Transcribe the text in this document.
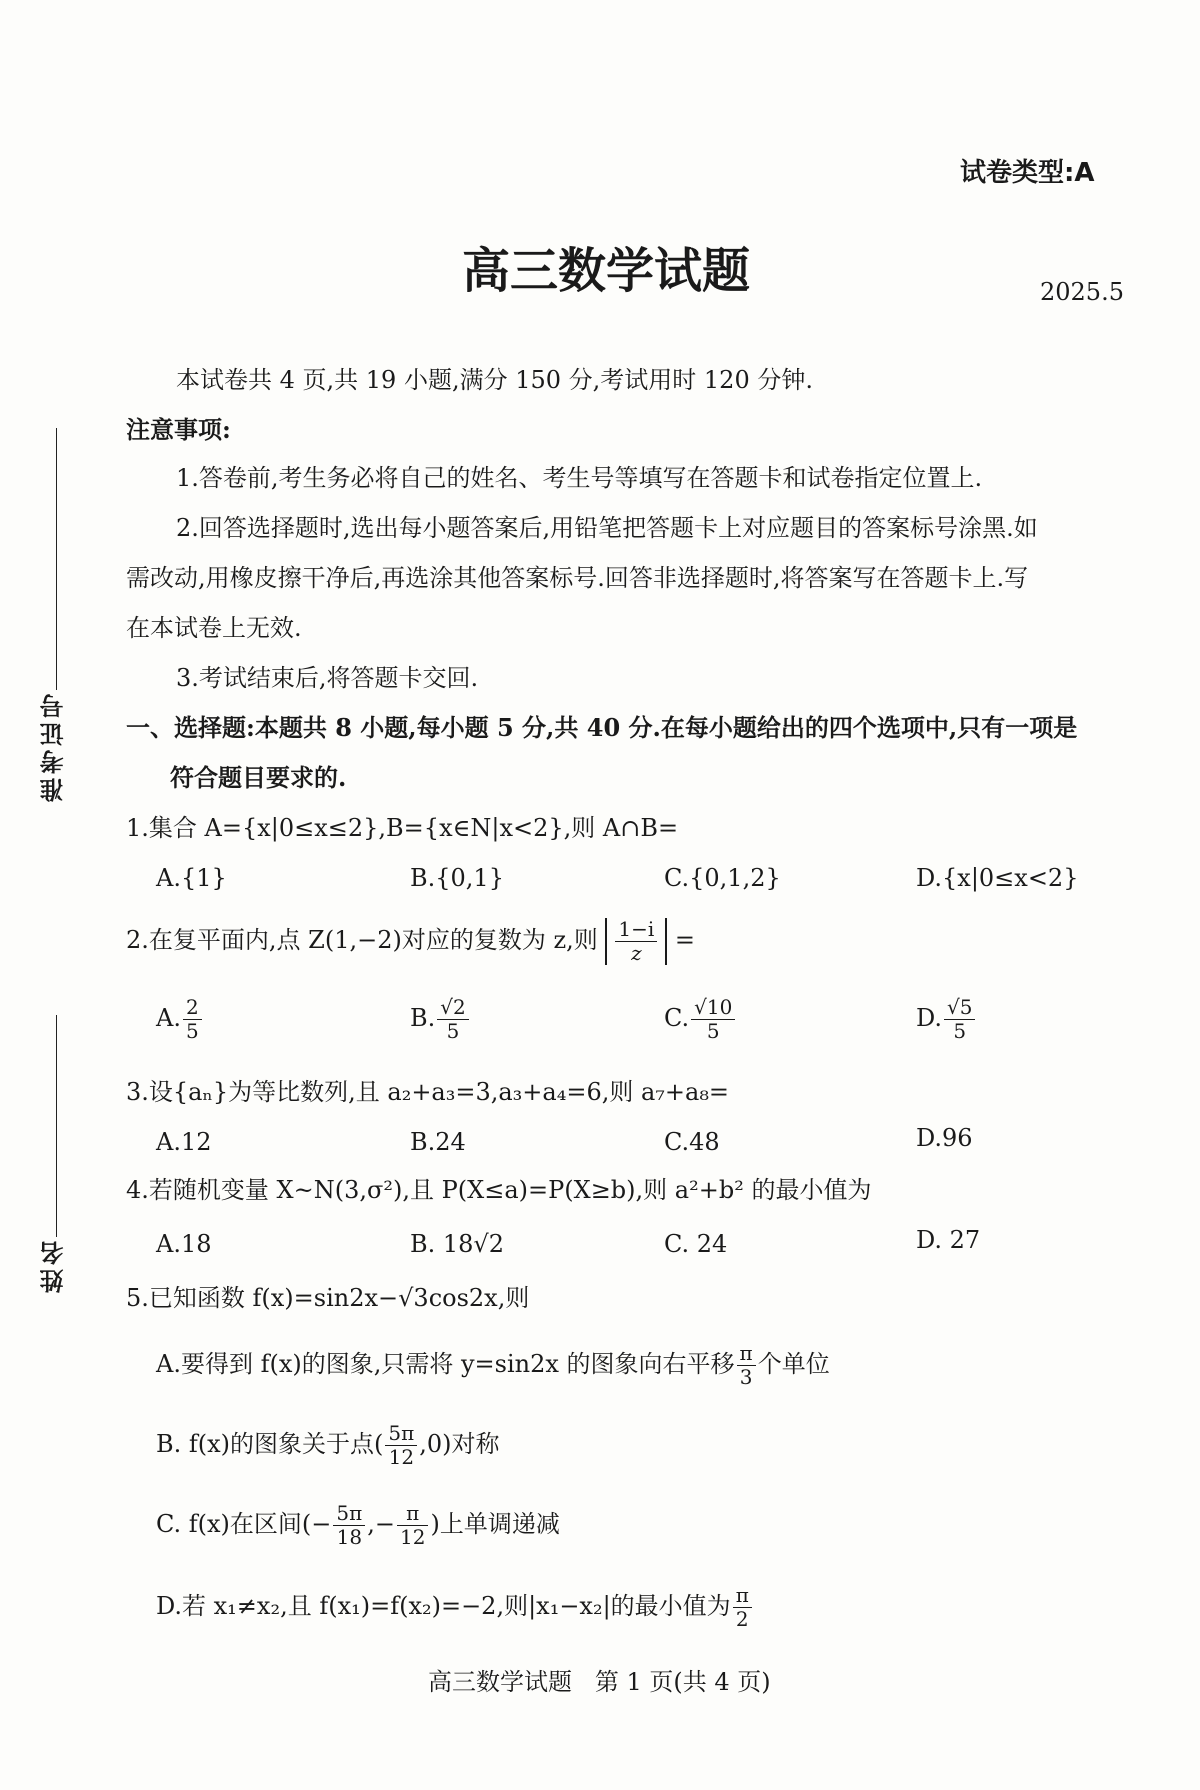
试卷类型:A
高三数学试题	2025.5
准考证号
姓名
本试卷共 4 页,共 19 小题,满分 150 分,考试用时 120 分钟.
注意事项:
1.答卷前,考生务必将自己的姓名、考生号等填写在答题卡和试卷指定位置上.
2.回答选择题时,选出每小题答案后,用铅笔把答题卡上对应题目的答案标号涂黑.如
需改动,用橡皮擦干净后,再选涂其他答案标号.回答非选择题时,将答案写在答题卡上.写
在本试卷上无效.
3.考试结束后,将答题卡交回.
一、选择题:本题共 8 小题,每小题 5 分,共 40 分.在每小题给出的四个选项中,只有一项是
符合题目要求的.
1.集合 A={x|0≤x≤2},B={x∈N|x<2},则 A∩B=
A.{1}	B.{0,1}	C.{0,1,2}	D.{x|0≤x<2}
2.在复平面内,点 Z(1,−2)对应的复数为 z,则 $\frac{1-i}{z}$ =
A. $\frac{2}{5}$	B. $\frac{√2}{5}$	C. $\frac{√10}{5}$	D. $\frac{√5}{5}$
3.设{aₙ}为等比数列,且 a₂+a₃=3,a₃+a₄=6,则 a₇+a₈=
A.12	B.24	C.48	D.96
4.若随机变量 X~N(3,σ²),且 P(X≤a)=P(X≥b),则 a²+b² 的最小值为
A.18	B. 18√2	C. 24	D. 27
5.已知函数 f(x)=sin2x−√3cos2x,则
A.要得到 f(x)的图象,只需将 y=sin2x 的图象向右平移 $\frac{\pi}{3}$ 个单位
B. f(x)的图象关于点( $\frac{5\pi}{12} ,0$)对称
C. f(x)在区间(− $\frac{5\pi}{18}$ ,− $\frac{\pi}{12}$ )上单调递减
D.若 x₁≠x₂,且 f(x₁)=f(x₂)=−2,则|x₁−x₂|的最小值为 $\frac{\pi}{2}$
高三数学试题   第 1 页(共 4 页)
